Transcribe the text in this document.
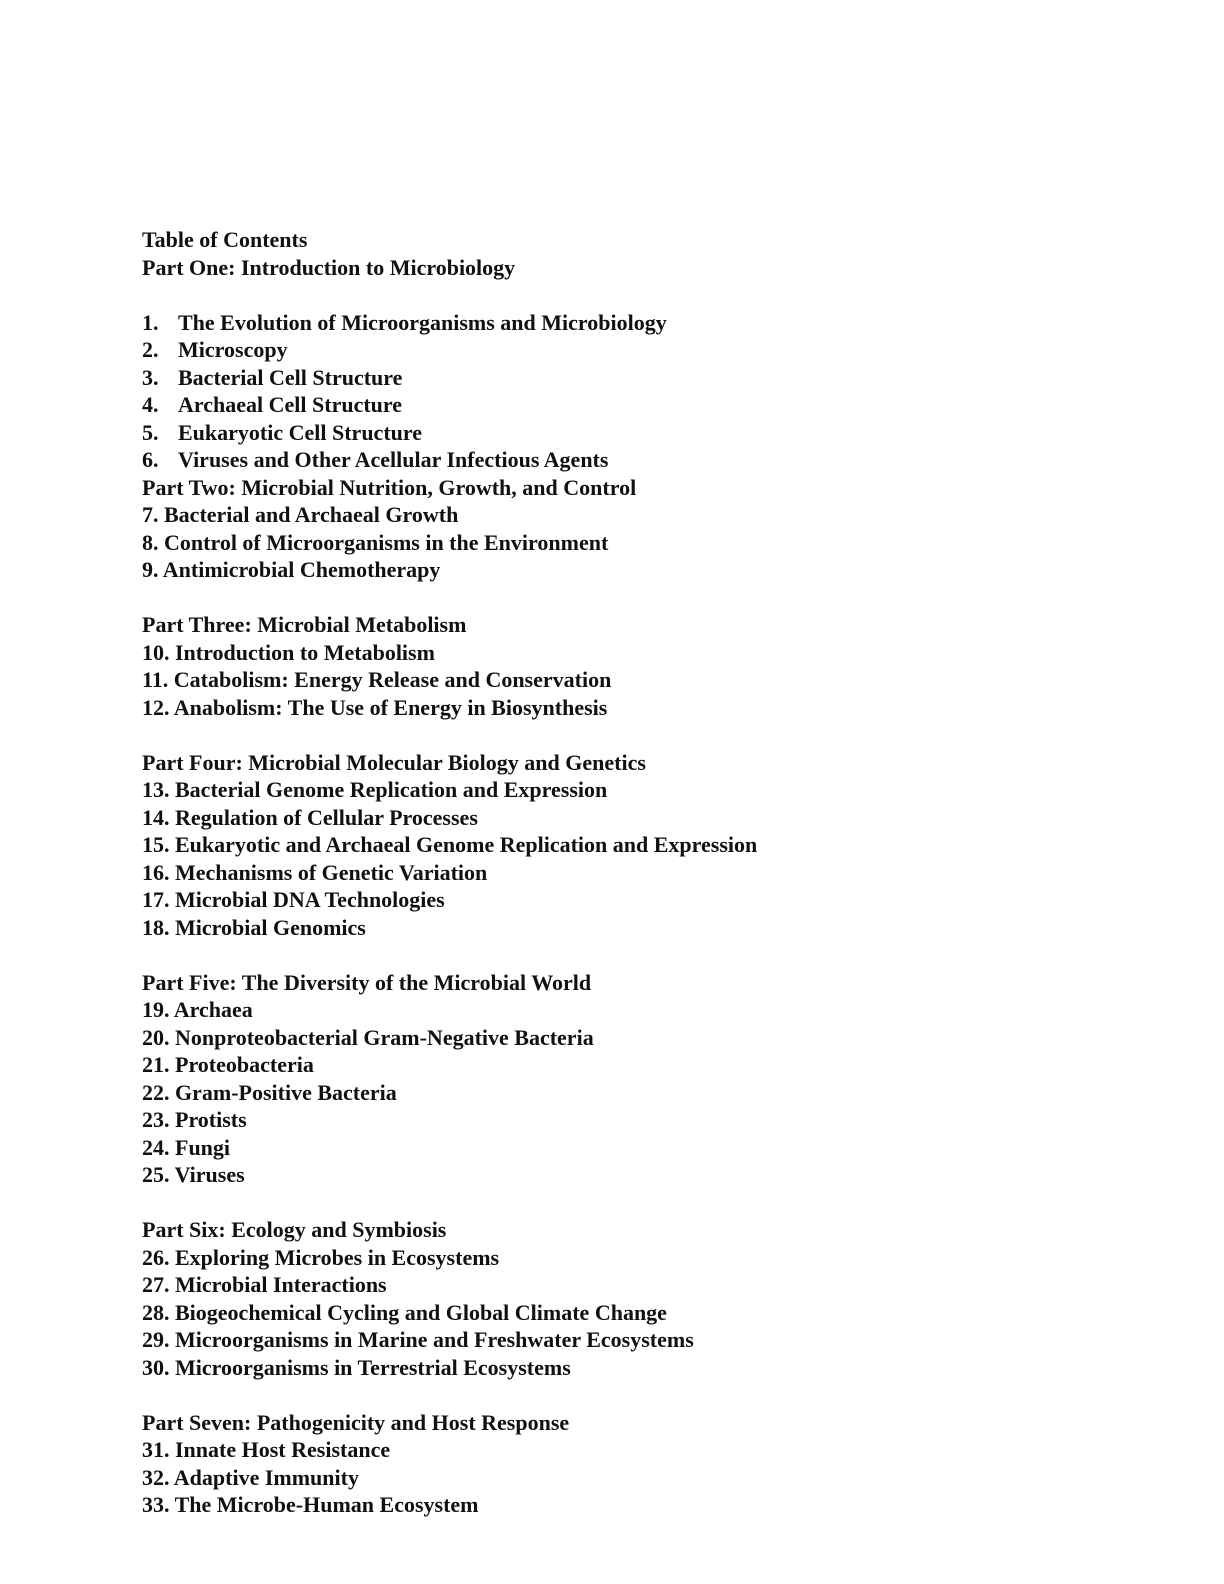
Table of Contents
Part One: Introduction to Microbiology
1. The Evolution of Microorganisms and Microbiology
2. Microscopy
3. Bacterial Cell Structure
4. Archaeal Cell Structure
5. Eukaryotic Cell Structure
6. Viruses and Other Acellular Infectious Agents
Part Two: Microbial Nutrition, Growth, and Control
7. Bacterial and Archaeal Growth
8. Control of Microorganisms in the Environment
9. Antimicrobial Chemotherapy
Part Three: Microbial Metabolism
10. Introduction to Metabolism
11. Catabolism: Energy Release and Conservation
12. Anabolism: The Use of Energy in Biosynthesis
Part Four: Microbial Molecular Biology and Genetics
13. Bacterial Genome Replication and Expression
14. Regulation of Cellular Processes
15. Eukaryotic and Archaeal Genome Replication and Expression
16. Mechanisms of Genetic Variation
17. Microbial DNA Technologies
18. Microbial Genomics
Part Five: The Diversity of the Microbial World
19. Archaea
20. Nonproteobacterial Gram-Negative Bacteria
21. Proteobacteria
22. Gram-Positive Bacteria
23. Protists
24. Fungi
25. Viruses
Part Six: Ecology and Symbiosis
26. Exploring Microbes in Ecosystems
27. Microbial Interactions
28. Biogeochemical Cycling and Global Climate Change
29. Microorganisms in Marine and Freshwater Ecosystems
30. Microorganisms in Terrestrial Ecosystems
Part Seven: Pathogenicity and Host Response
31. Innate Host Resistance
32. Adaptive Immunity
33. The Microbe-Human Ecosystem
